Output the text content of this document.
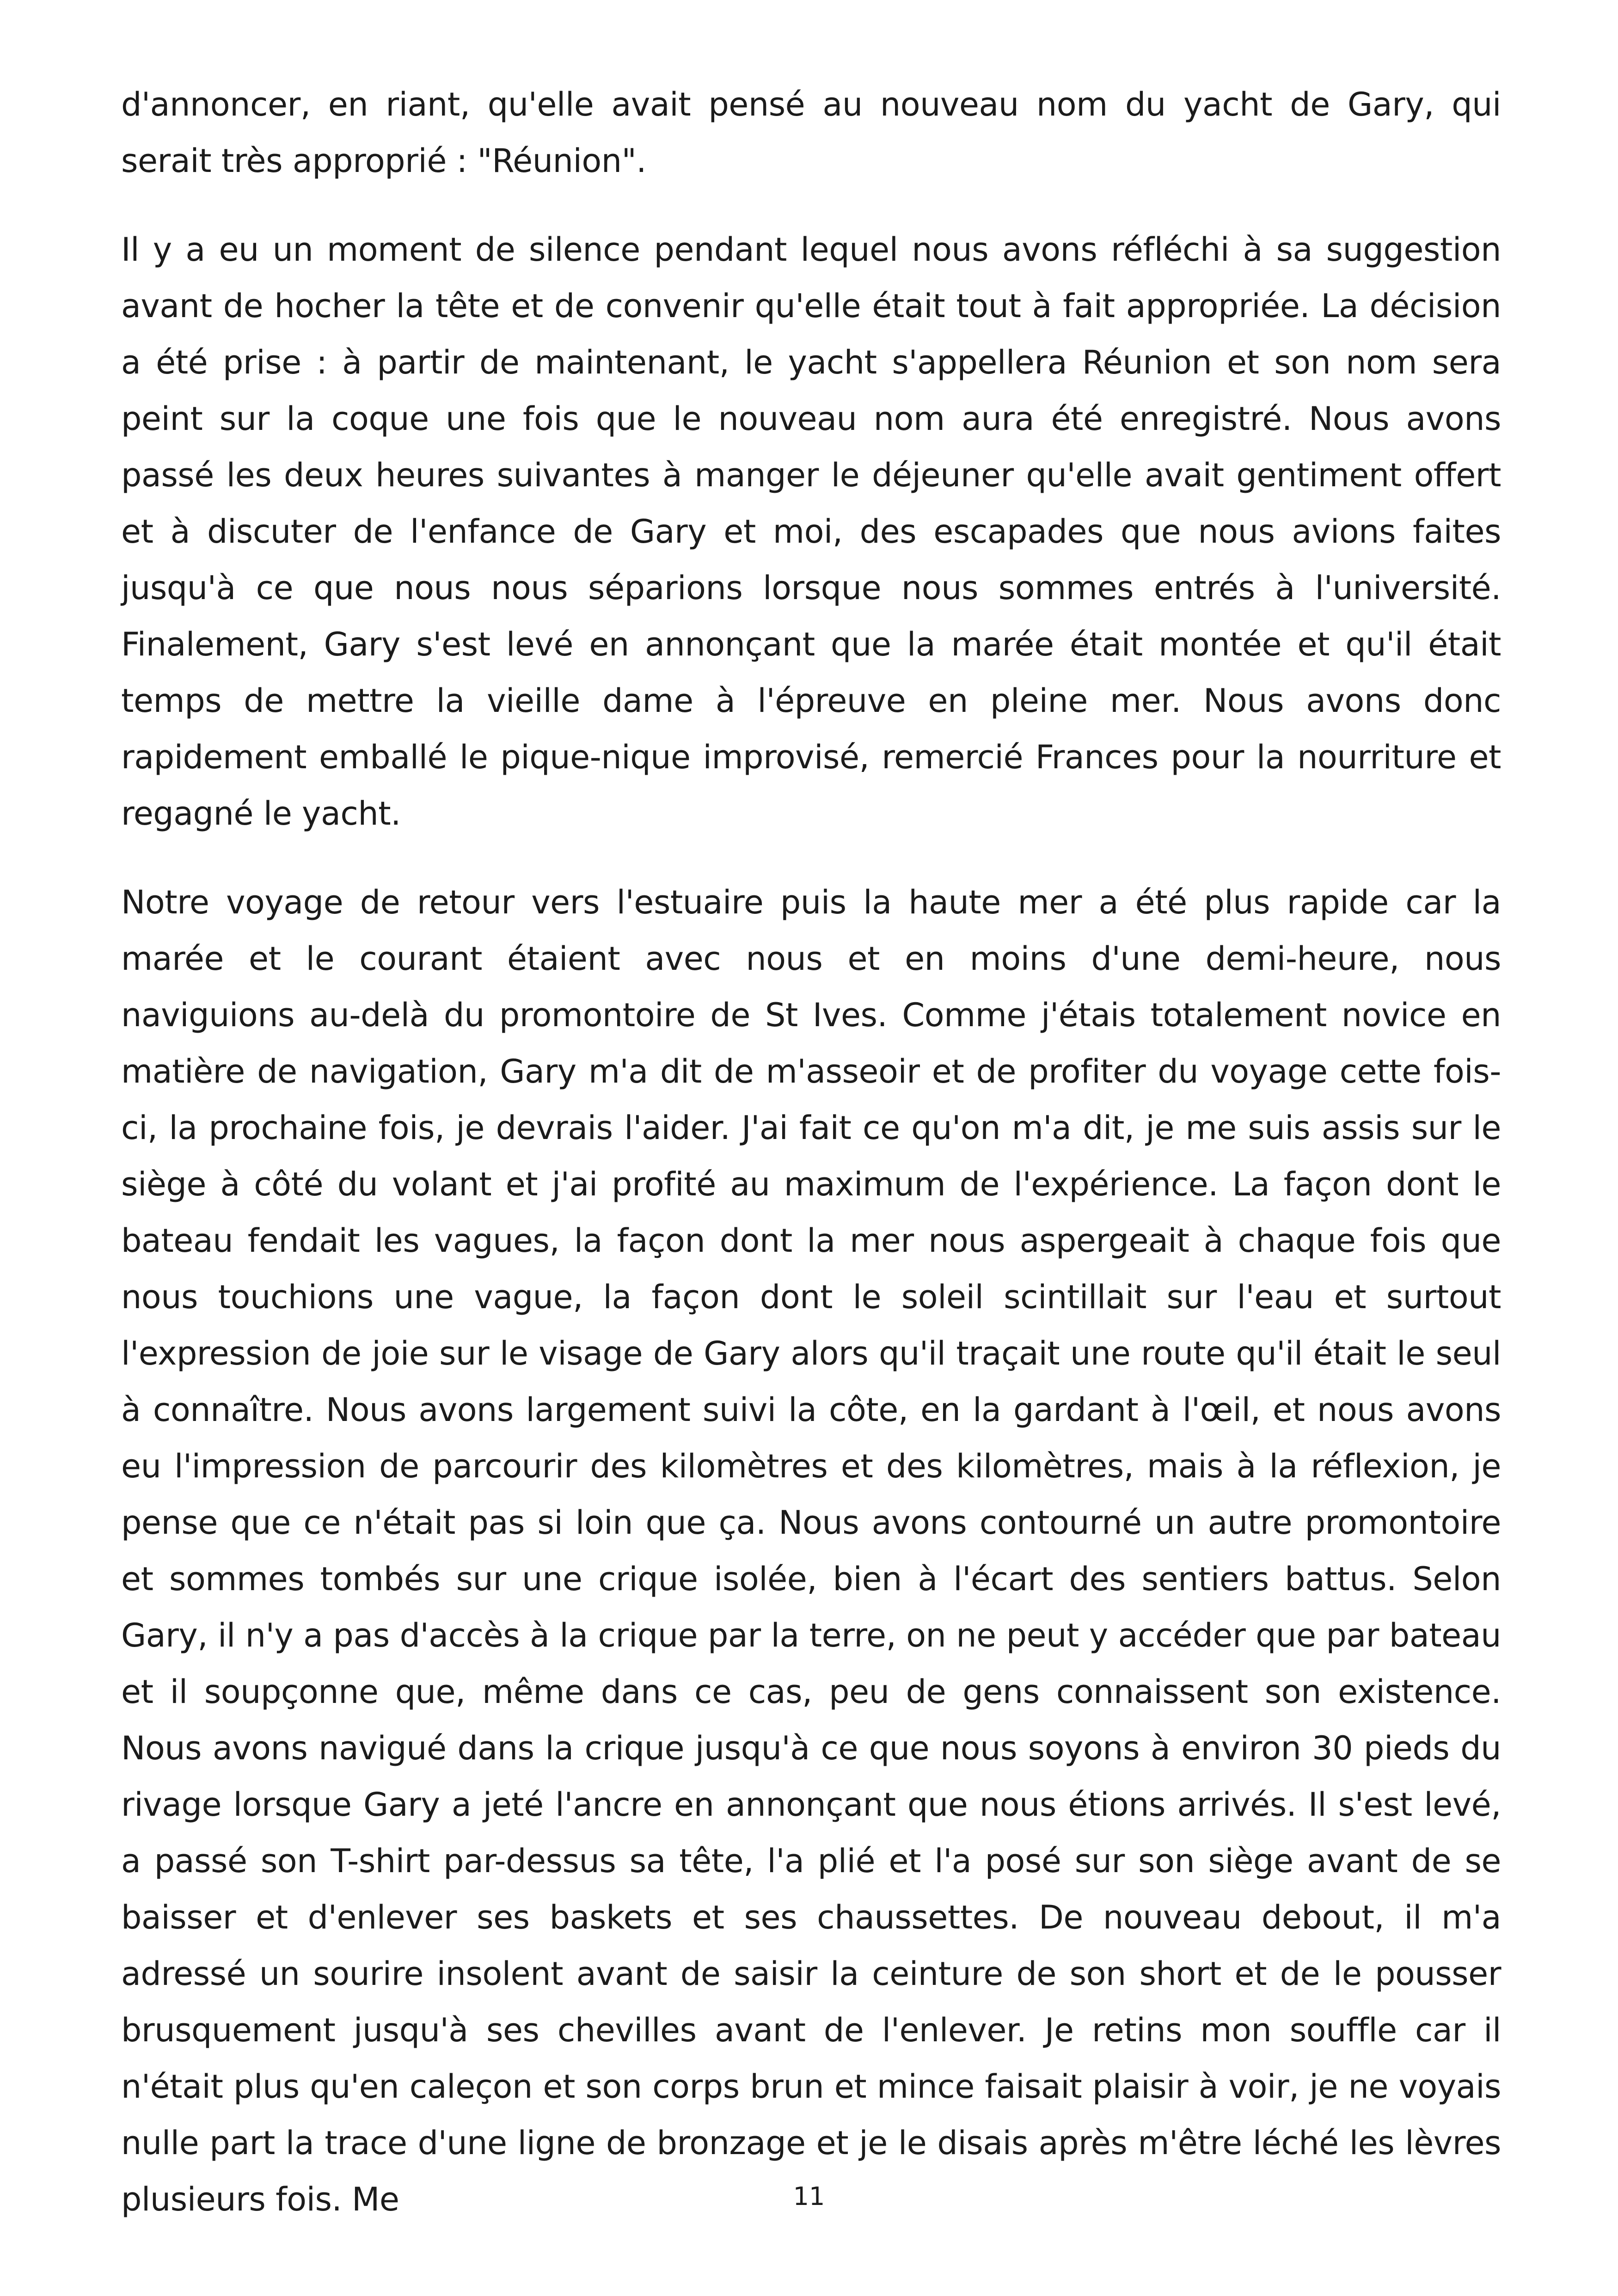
d'annoncer, en riant, qu'elle avait pensé au nouveau nom du yacht de Gary, qui serait très approprié : "Réunion".

Il y a eu un moment de silence pendant lequel nous avons réfléchi à sa suggestion avant de hocher la tête et de convenir qu'elle était tout à fait appropriée. La décision a été prise : à partir de maintenant, le yacht s'appellera Réunion et son nom sera peint sur la coque une fois que le nouveau nom aura été enregistré. Nous avons passé les deux heures suivantes à manger le déjeuner qu'elle avait gentiment offert et à discuter de l'enfance de Gary et moi, des escapades que nous avions faites jusqu'à ce que nous nous séparions lorsque nous sommes entrés à l'université. Finalement, Gary s'est levé en annonçant que la marée était montée et qu'il était temps de mettre la vieille dame à l'épreuve en pleine mer. Nous avons donc rapidement emballé le pique-nique improvisé, remercié Frances pour la nourriture et regagné le yacht.

Notre voyage de retour vers l'estuaire puis la haute mer a été plus rapide car la marée et le courant étaient avec nous et en moins d'une demi-heure, nous naviguions au-delà du promontoire de St Ives. Comme j'étais totalement novice en matière de navigation, Gary m'a dit de m'asseoir et de profiter du voyage cette fois-ci, la prochaine fois, je devrais l'aider. J'ai fait ce qu'on m'a dit, je me suis assis sur le siège à côté du volant et j'ai profité au maximum de l'expérience. La façon dont le bateau fendait les vagues, la façon dont la mer nous aspergeait à chaque fois que nous touchions une vague, la façon dont le soleil scintillait sur l'eau et surtout l'expression de joie sur le visage de Gary alors qu'il traçait une route qu'il était le seul à connaître. Nous avons largement suivi la côte, en la gardant à l'œil, et nous avons eu l'impression de parcourir des kilomètres et des kilomètres, mais à la réflexion, je pense que ce n'était pas si loin que ça. Nous avons contourné un autre promontoire et sommes tombés sur une crique isolée, bien à l'écart des sentiers battus. Selon Gary, il n'y a pas d'accès à la crique par la terre, on ne peut y accéder que par bateau et il soupçonne que, même dans ce cas, peu de gens connaissent son existence. Nous avons navigué dans la crique jusqu'à ce que nous soyons à environ 30 pieds du rivage lorsque Gary a jeté l'ancre en annonçant que nous étions arrivés. Il s'est levé, a passé son T-shirt par-dessus sa tête, l'a plié et l'a posé sur son siège avant de se baisser et d'enlever ses baskets et ses chaussettes. De nouveau debout, il m'a adressé un sourire insolent avant de saisir la ceinture de son short et de le pousser brusquement jusqu'à ses chevilles avant de l'enlever. Je retins mon souffle car il n'était plus qu'en caleçon et son corps brun et mince faisait plaisir à voir, je ne voyais nulle part la trace d'une ligne de bronzage et je le disais après m'être léché les lèvres plusieurs fois. Me	11
